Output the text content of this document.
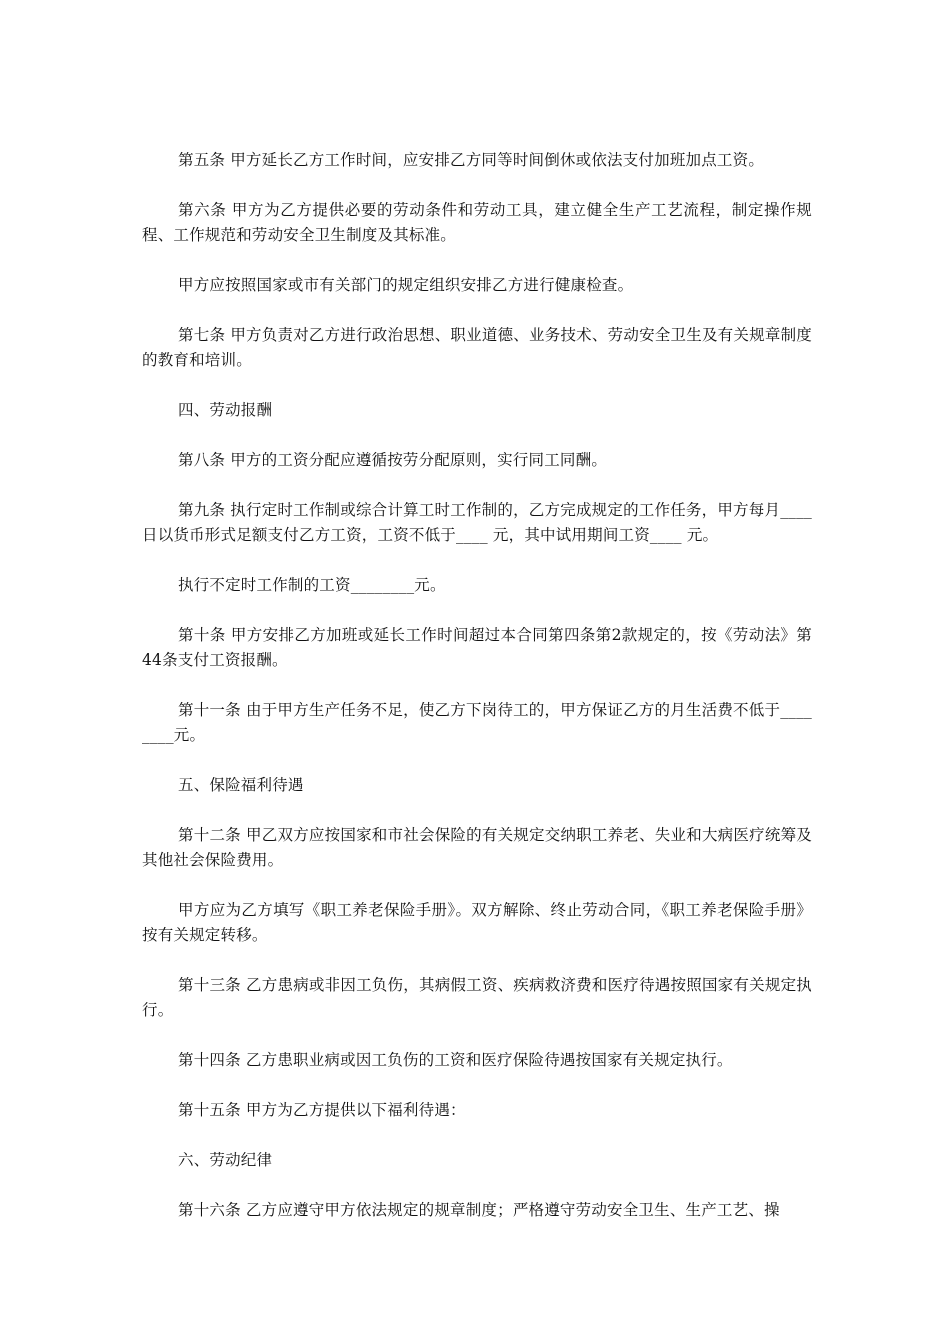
第五条 甲方延长乙方工作时间，应安排乙方同等时间倒休或依法支付加班加点工资。

第六条 甲方为乙方提供必要的劳动条件和劳动工具，建立健全生产工艺流程，制定操作规程、工作规范和劳动安全卫生制度及其标准。

甲方应按照国家或市有关部门的规定组织安排乙方进行健康检查。

第七条 甲方负责对乙方进行政治思想、职业道德、业务技术、劳动安全卫生及有关规章制度的教育和培训。

四、劳动报酬

第八条 甲方的工资分配应遵循按劳分配原则，实行同工同酬。

第九条 执行定时工作制或综合计算工时工作制的，乙方完成规定的工作任务，甲方每月____ 日以货币形式足额支付乙方工资，工资不低于____ 元，其中试用期间工资____ 元。

执行不定时工作制的工资________元。

第十条 甲方安排乙方加班或延长工作时间超过本合同第四条第2款规定的，按《劳动法》第44条支付工资报酬。

第十一条 由于甲方生产任务不足，使乙方下岗待工的，甲方保证乙方的月生活费不低于________元。

五、保险福利待遇

第十二条 甲乙双方应按国家和市社会保险的有关规定交纳职工养老、失业和大病医疗统筹及其他社会保险费用。

甲方应为乙方填写《职工养老保险手册》。双方解除、终止劳动合同，《职工养老保险手册》按有关规定转移。

第十三条 乙方患病或非因工负伤，其病假工资、疾病救济费和医疗待遇按照国家有关规定执行。

第十四条 乙方患职业病或因工负伤的工资和医疗保险待遇按国家有关规定执行。

第十五条 甲方为乙方提供以下福利待遇：

六、劳动纪律

第十六条 乙方应遵守甲方依法规定的规章制度；严格遵守劳动安全卫生、生产工艺、操
